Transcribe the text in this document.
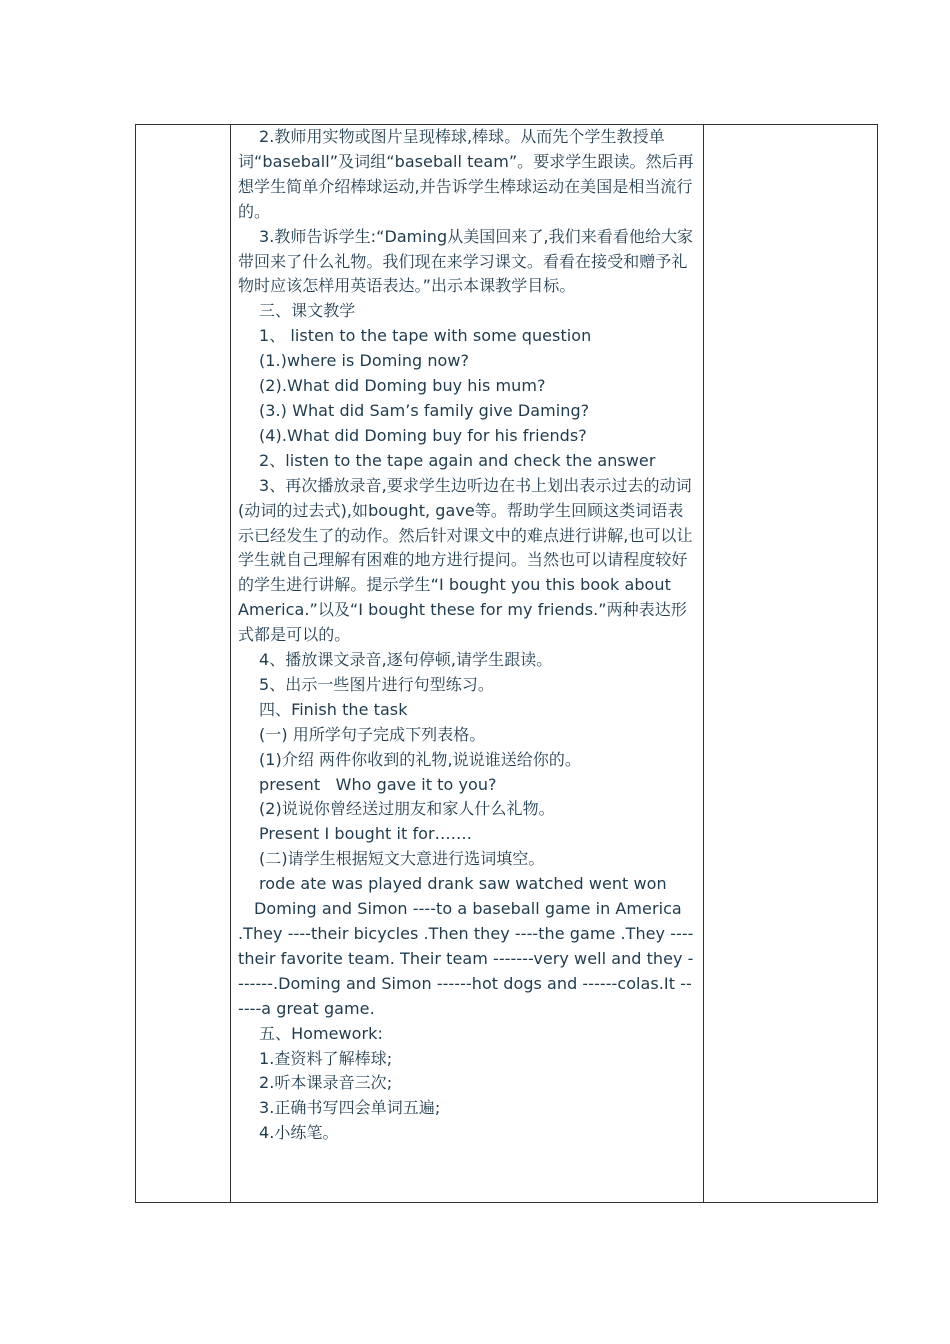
2.教师用实物或图片呈现棒球,棒球。从而先个学生教授单词“baseball”及词组“baseball team”。要求学生跟读。然后再想学生简单介绍棒球运动,并告诉学生棒球运动在美国是相当流行的。

3.教师告诉学生:“Daming从美国回来了,我们来看看他给大家带回来了什么礼物。我们现在来学习课文。看看在接受和赠予礼物时应该怎样用英语表达。”出示本课教学目标。

三、课文教学

1、 listen to the tape with some question

(1.)where is Doming now?

(2).What did Doming buy his mum?

(3.) What did Sam’s family give Daming?

(4).What did Doming buy for his friends?

2、listen to the tape again and check the answer

3、再次播放录音,要求学生边听边在书上划出表示过去的动词(动词的过去式),如bought, gave等。帮助学生回顾这类词语表示已经发生了的动作。然后针对课文中的难点进行讲解,也可以让学生就自己理解有困难的地方进行提问。当然也可以请程度较好的学生进行讲解。提示学生“I bought you this book about America.”以及“I bought these for my friends.”两种表达形式都是可以的。

4、播放课文录音,逐句停顿,请学生跟读。

5、出示一些图片进行句型练习。

四、Finish the task

(一) 用所学句子完成下列表格。

(1)介绍 两件你收到的礼物,说说谁送给你的。

present   Who gave it to you?

(2)说说你曾经送过朋友和家人什么礼物。

Present I bought it for…….

(二)请学生根据短文大意进行选词填空。

rode ate was played drank saw watched went won

Doming and Simon ----to a baseball game in America .They ----their bicycles .Then they ----the game .They ----their favorite team. Their team -------very well and they -------.Doming and Simon ------hot dogs and ------colas.It ------a great game.

五、Homework:

1.查资料了解棒球;

2.听本课录音三次;

3.正确书写四会单词五遍;

4.小练笔。
